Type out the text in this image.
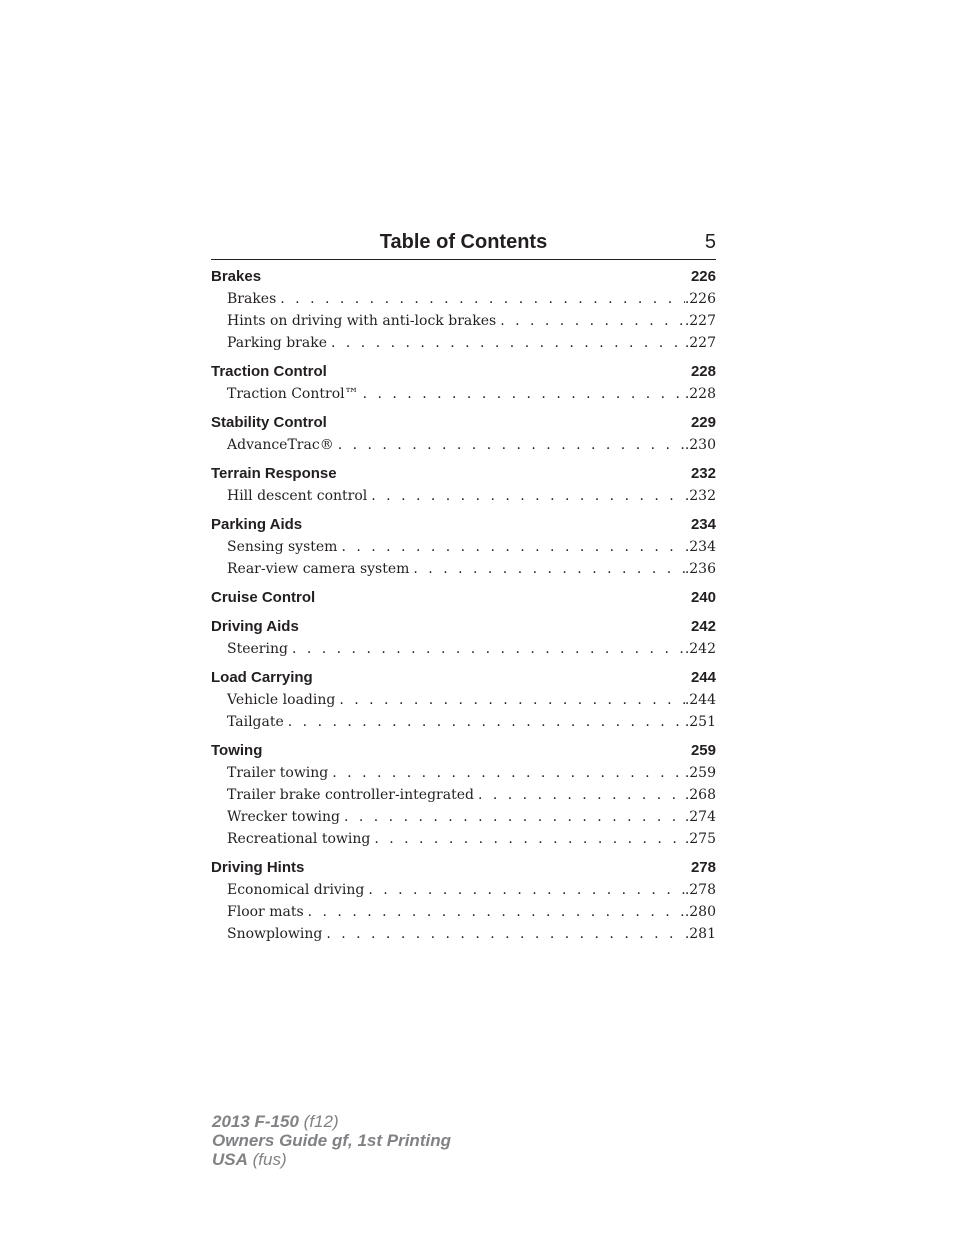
Table of Contents	5
Brakes	226
Brakes . . .	.226
Hints on driving with anti-lock brakes . . .	.227
Parking brake . . .	.227
Traction Control	228
Traction Control™ . . .	.228
Stability Control	229
AdvanceTrac® . . .	.230
Terrain Response	232
Hill descent control . . .	.232
Parking Aids	234
Sensing system . . .	.234
Rear-view camera system . . .	.236
Cruise Control	240
Driving Aids	242
Steering . . .	.242
Load Carrying	244
Vehicle loading . . .	.244
Tailgate . . .	.251
Towing	259
Trailer towing . . .	.259
Trailer brake controller-integrated . . .	.268
Wrecker towing . . .	.274
Recreational towing . . .	.275
Driving Hints	278
Economical driving . . .	.278
Floor mats . . .	.280
Snowplowing . . .	.281
2013 F-150 (f12)
Owners Guide gf, 1st Printing
USA (fus)
